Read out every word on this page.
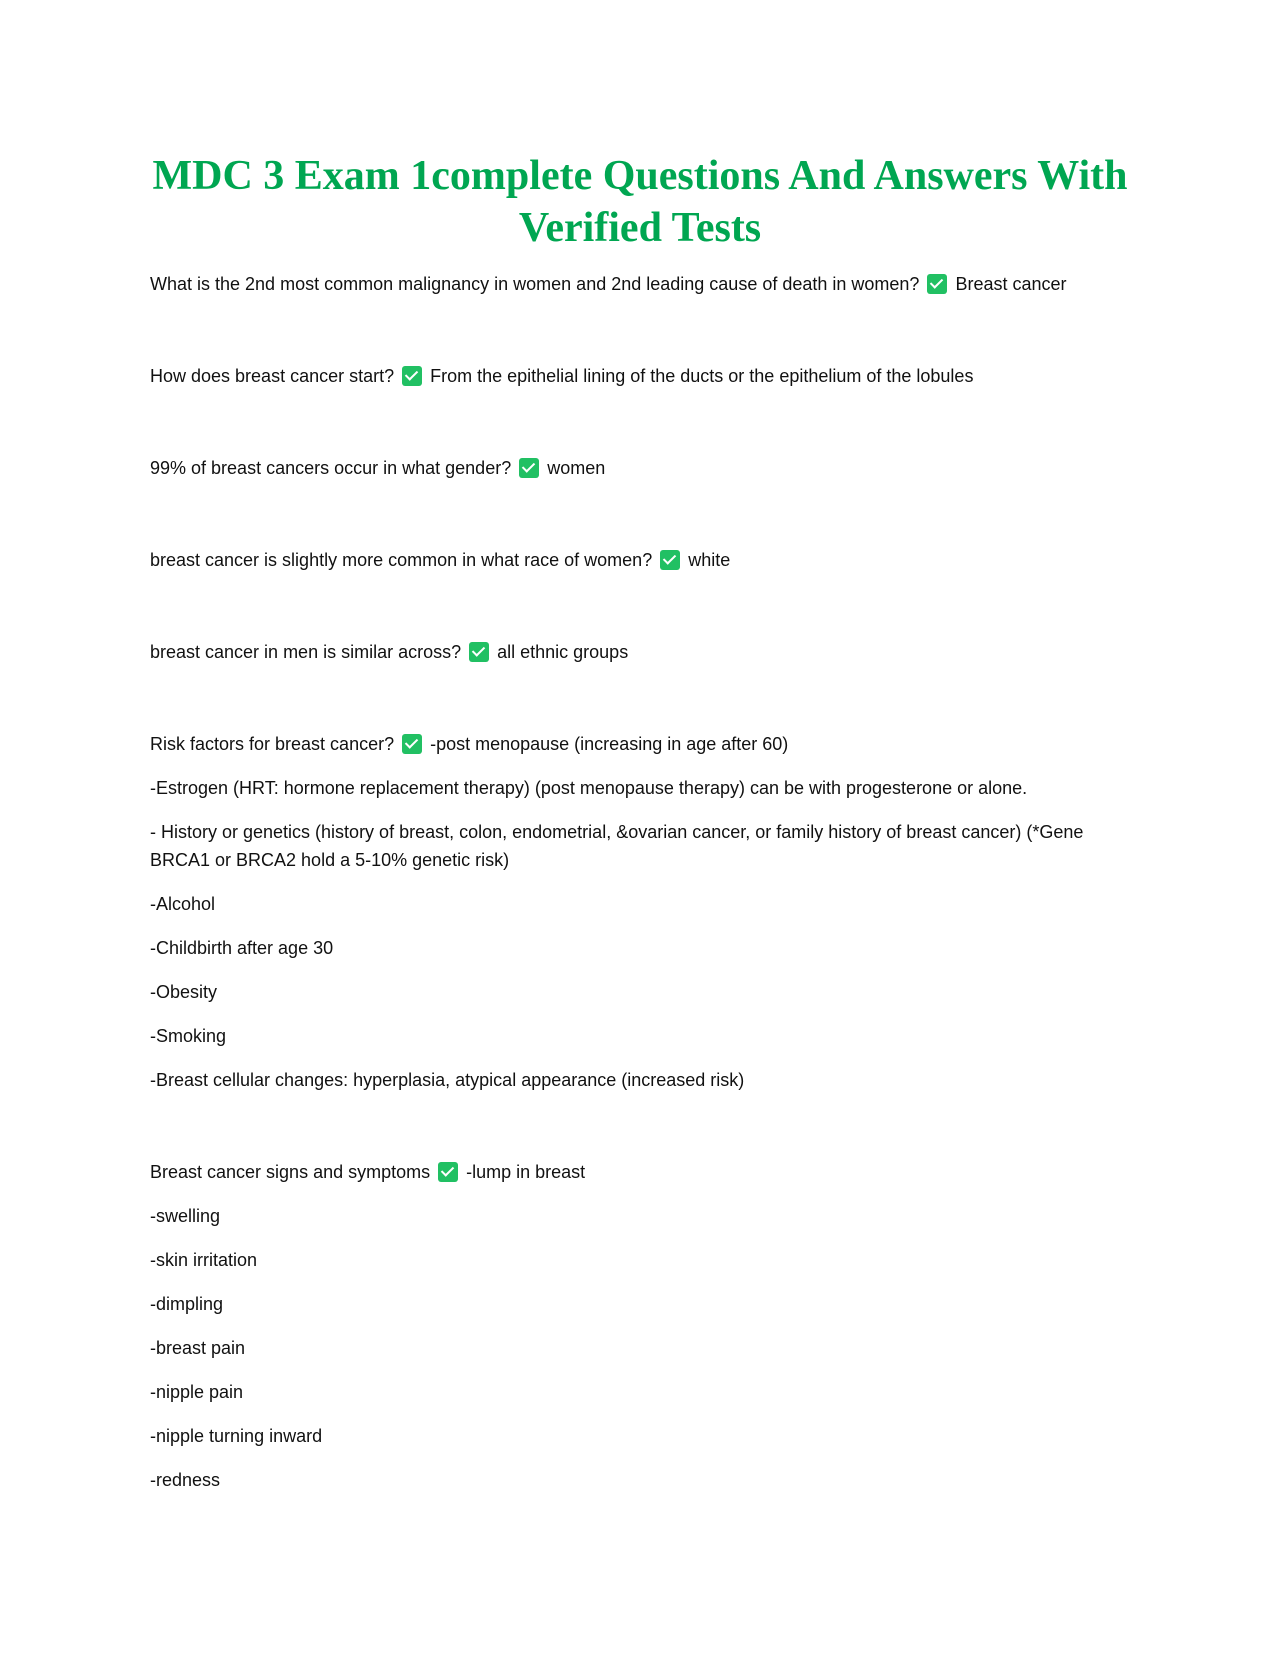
MDC 3 Exam 1complete Questions And Answers With Verified Tests

What is the 2nd most common malignancy in women and 2nd leading cause of death in women? Breast cancer

How does breast cancer start? From the epithelial lining of the ducts or the epithelium of the lobules

99% of breast cancers occur in what gender? women

breast cancer is slightly more common in what race of women? white

breast cancer in men is similar across? all ethnic groups

Risk factors for breast cancer? -post menopause (increasing in age after 60)

-Estrogen (HRT: hormone replacement therapy) (post menopause therapy) can be with progesterone or alone.

- History or genetics (history of breast, colon, endometrial, &ovarian cancer, or family history of breast cancer) (*Gene BRCA1 or BRCA2 hold a 5-10% genetic risk)

-Alcohol

-Childbirth after age 30

-Obesity

-Smoking

-Breast cellular changes: hyperplasia, atypical appearance (increased risk)

Breast cancer signs and symptoms -lump in breast

-swelling

-skin irritation

-dimpling

-breast pain

-nipple pain

-nipple turning inward

-redness
